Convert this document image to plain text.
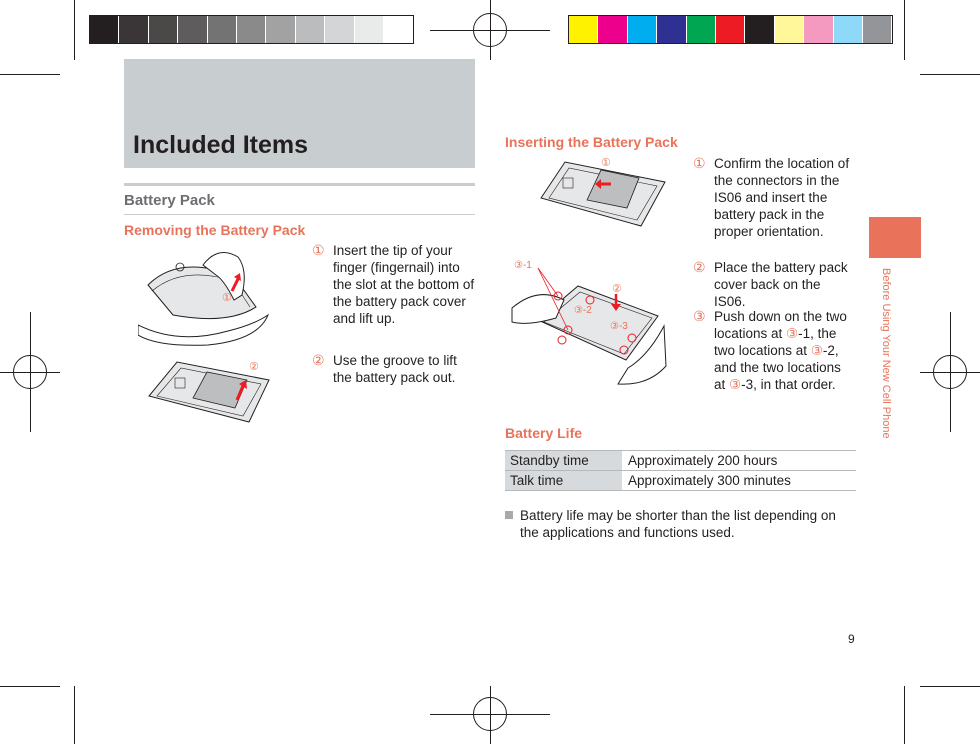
Included Items
Battery Pack
Removing the Battery Pack
①
②
① Insert the tip of your finger (fingernail) into the slot at the bottom of the battery pack cover and lift up.
② Use the groove to lift the battery pack out.
Inserting the Battery Pack
①
③-1
③-2
③-3
②
① Confirm the location of the connectors in the IS06 and insert the battery pack in the proper orientation.
② Place the battery pack cover back on the IS06.
③ Push down on the two locations at ③-1, the two locations at ③-2, and the two locations at ③-3, in that order.
Battery Life
Standby time	Approximately 200 hours
Talk time	Approximately 300 minutes
Battery life may be shorter than the list depending on the applications and functions used.
Before Using Your New Cell Phone
9
